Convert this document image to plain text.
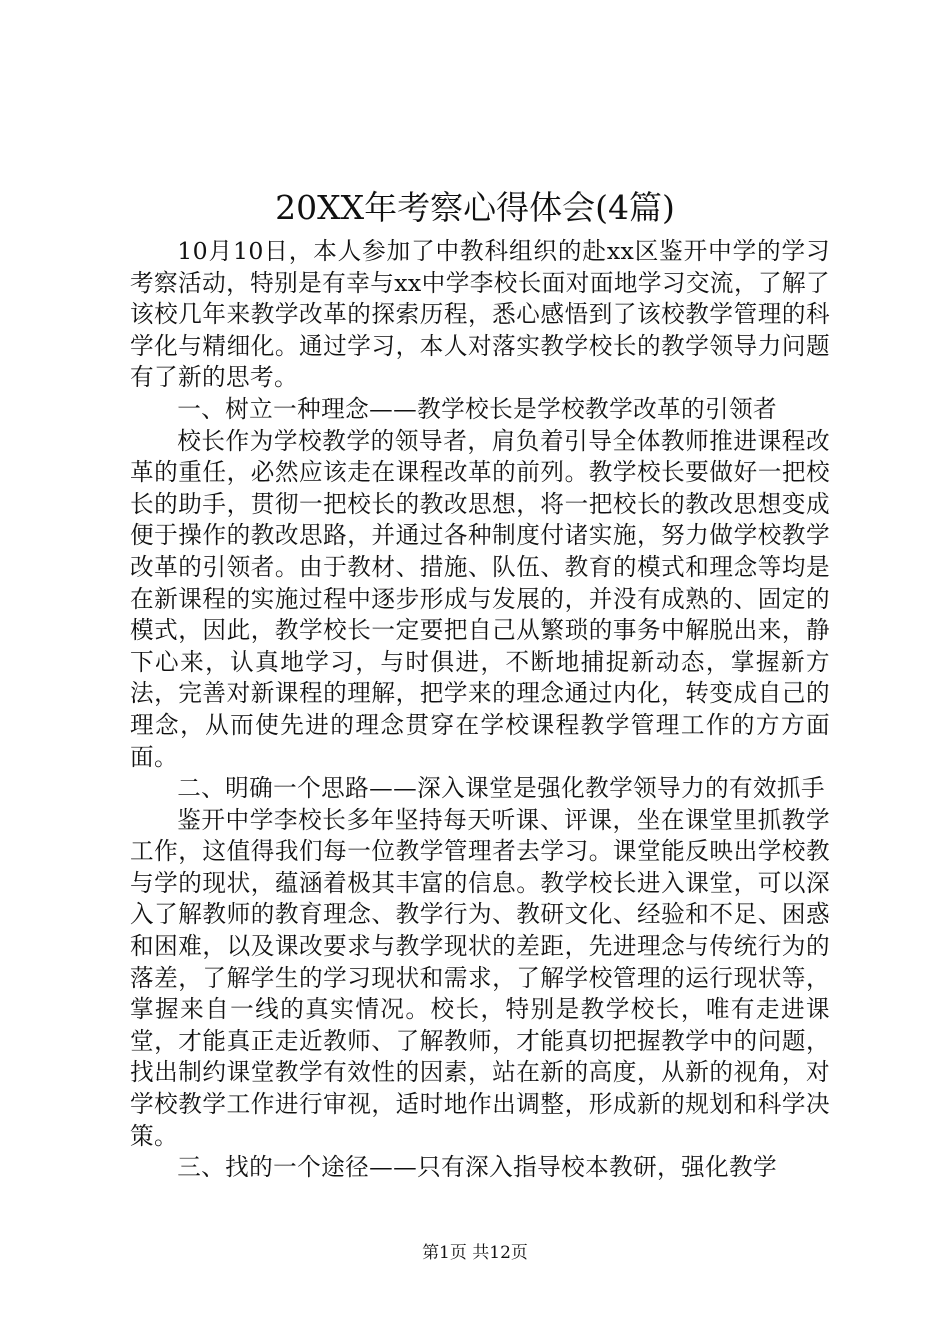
20XX年考察心得体会(4篇)

10月10日，本人参加了中教科组织的赴xx区鉴开中学的学习考察活动，特别是有幸与xx中学李校长面对面地学习交流，了解了该校几年来教学改革的探索历程，悉心感悟到了该校教学管理的科学化与精细化。通过学习，本人对落实教学校长的教学领导力问题有了新的思考。

一、树立一种理念——教学校长是学校教学改革的引领者

校长作为学校教学的领导者，肩负着引导全体教师推进课程改革的重任，必然应该走在课程改革的前列。教学校长要做好一把校长的助手，贯彻一把校长的教改思想，将一把校长的教改思想变成便于操作的教改思路，并通过各种制度付诸实施，努力做学校教学改革的引领者。由于教材、措施、队伍、教育的模式和理念等均是在新课程的实施过程中逐步形成与发展的，并没有成熟的、固定的模式，因此，教学校长一定要把自己从繁琐的事务中解脱出来，静下心来，认真地学习，与时俱进，不断地捕捉新动态，掌握新方法，完善对新课程的理解，把学来的理念通过内化，转变成自己的理念，从而使先进的理念贯穿在学校课程教学管理工作的方方面面。

二、明确一个思路——深入课堂是强化教学领导力的有效抓手

鉴开中学李校长多年坚持每天听课、评课，坐在课堂里抓教学工作，这值得我们每一位教学管理者去学习。课堂能反映出学校教与学的现状，蕴涵着极其丰富的信息。教学校长进入课堂，可以深入了解教师的教育理念、教学行为、教研文化、经验和不足、困惑和困难，以及课改要求与教学现状的差距，先进理念与传统行为的落差，了解学生的学习现状和需求，了解学校管理的运行现状等，掌握来自一线的真实情况。校长，特别是教学校长，唯有走进课堂，才能真正走近教师、了解教师，才能真切把握教学中的问题，找出制约课堂教学有效性的因素，站在新的高度，从新的视角，对学校教学工作进行审视，适时地作出调整，形成新的规划和科学决策。

三、找的一个途径——只有深入指导校本教研，强化教学

第1页 共12页
